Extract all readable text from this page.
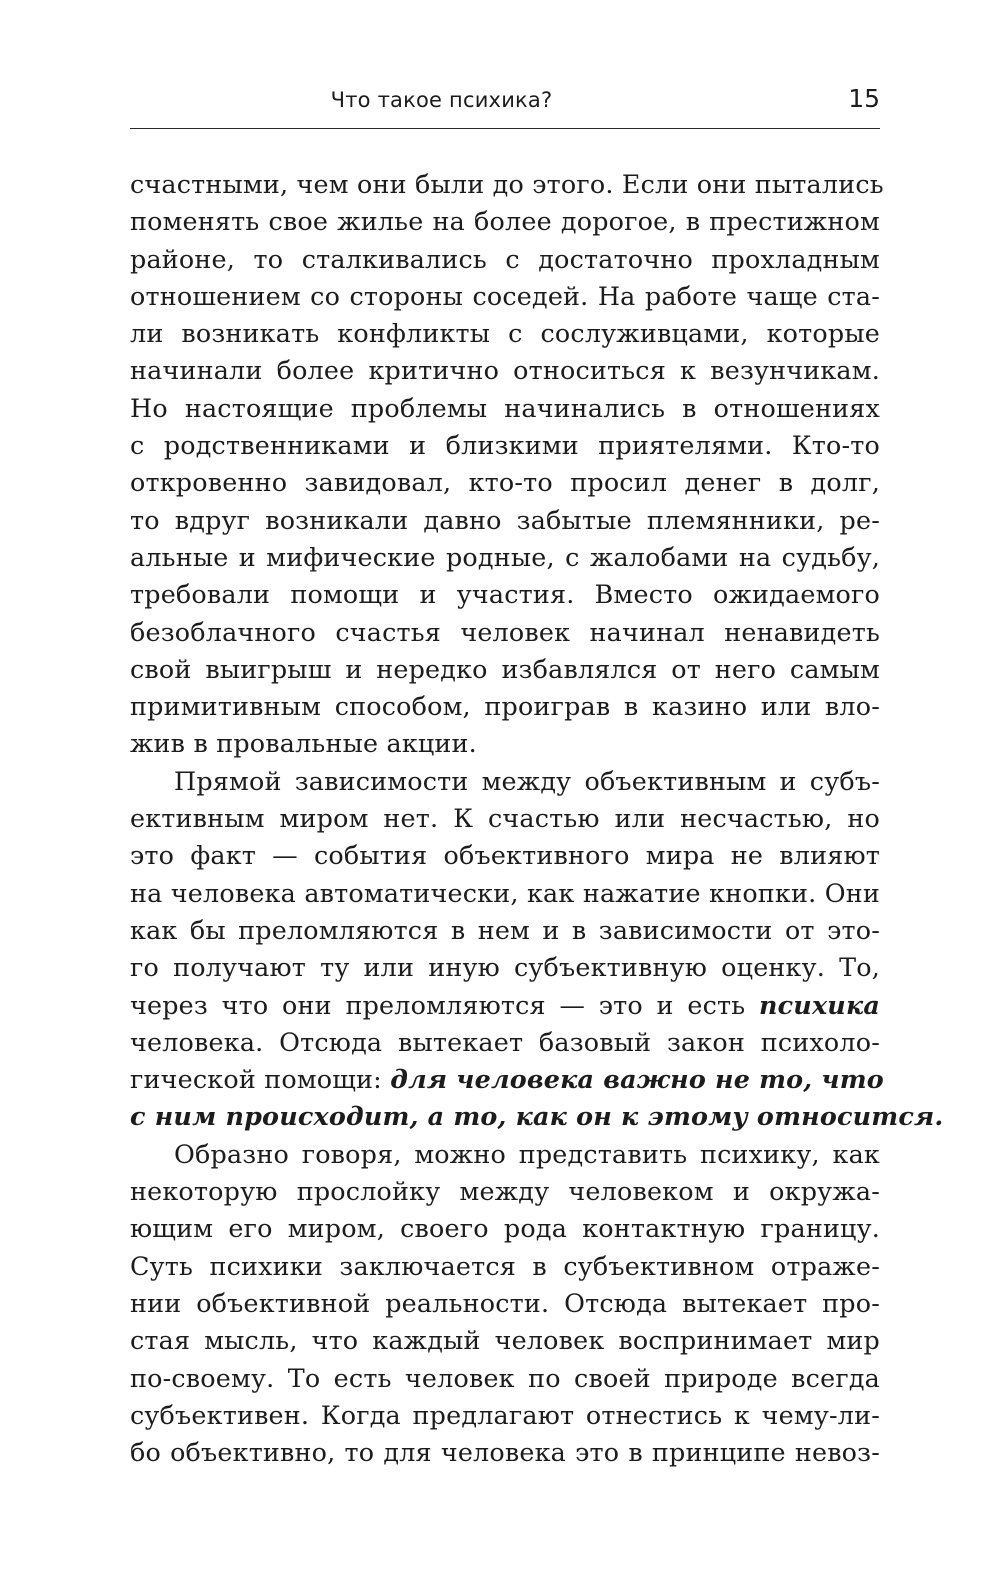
Что такое психика?	15
счастными, чем они были до этого. Если они пытались
поменять свое жилье на более дорогое, в престижном
районе, то сталкивались с достаточно прохладным
отношением со стороны соседей. На работе чаще ста-
ли возникать конфликты с сослуживцами, которые
начинали более критично относиться к везунчикам.
Но настоящие проблемы начинались в отношениях
с родственниками и близкими приятелями. Кто-то
откровенно завидовал, кто-то просил денег в долг,
то вдруг возникали давно забытые племянники, ре-
альные и мифические родные, с жалобами на судьбу,
требовали помощи и участия. Вместо ожидаемого
безоблачного счастья человек начинал ненавидеть
свой выигрыш и нередко избавлялся от него самым
примитивным способом, проиграв в казино или вло-
жив в провальные акции.
Прямой зависимости между объективным и субъ-
ективным миром нет. К счастью или несчастью, но
это факт — события объективного мира не влияют
на человека автоматически, как нажатие кнопки. Они
как бы преломляются в нем и в зависимости от это-
го получают ту или иную субъективную оценку. То,
через что они преломляются — это и есть психика
человека. Отсюда вытекает базовый закон психоло-
гической помощи: для человека важно не то, что
с ним происходит, а то, как он к этому относится.
Образно говоря, можно представить психику, как
некоторую прослойку между человеком и окружа-
ющим его миром, своего рода контактную границу.
Суть психики заключается в субъективном отраже-
нии объективной реальности. Отсюда вытекает про-
стая мысль, что каждый человек воспринимает мир
по-своему. То есть человек по своей природе всегда
субъективен. Когда предлагают отнестись к чему-ли-
бо объективно, то для человека это в принципе невоз-
